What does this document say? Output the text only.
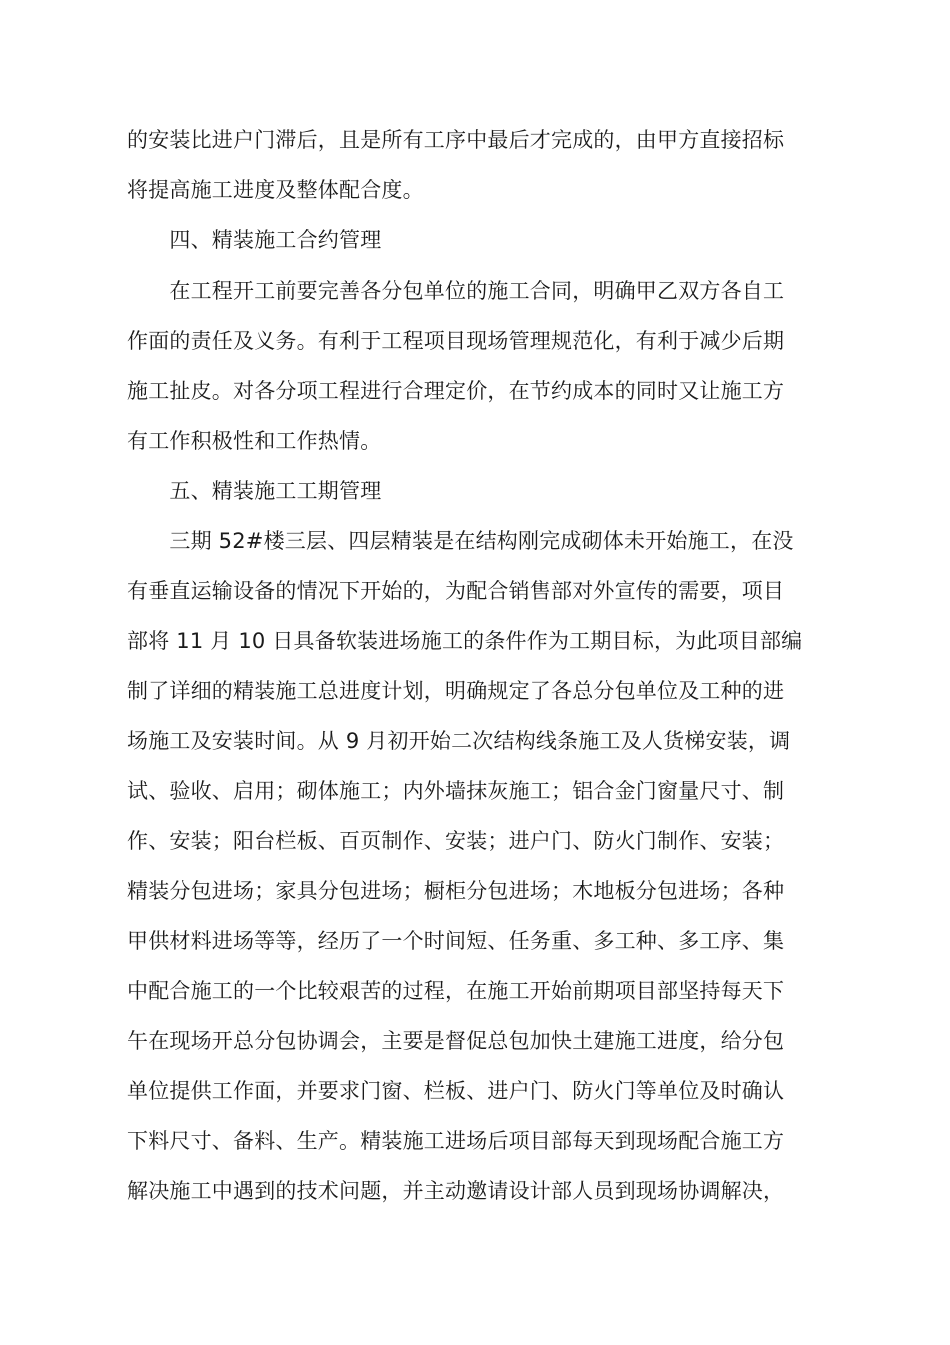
的安装比进户门滞后，且是所有工序中最后才完成的，由甲方直接招标
将提高施工进度及整体配合度。
　　四、精装施工合约管理
　　在工程开工前要完善各分包单位的施工合同，明确甲乙双方各自工
作面的责任及义务。有利于工程项目现场管理规范化，有利于减少后期
施工扯皮。对各分项工程进行合理定价，在节约成本的同时又让施工方
有工作积极性和工作热情。
　　五、精装施工工期管理
　　三期 52#楼三层、四层精装是在结构刚完成砌体未开始施工，在没
有垂直运输设备的情况下开始的，为配合销售部对外宣传的需要，项目
部将 11 月 10 日具备软装进场施工的条件作为工期目标，为此项目部编
制了详细的精装施工总进度计划，明确规定了各总分包单位及工种的进
场施工及安装时间。从 9 月初开始二次结构线条施工及人货梯安装，调
试、验收、启用；砌体施工；内外墙抹灰施工；铝合金门窗量尺寸、制
作、安装；阳台栏板、百页制作、安装；进户门、防火门制作、安装；
精装分包进场；家具分包进场；橱柜分包进场；木地板分包进场；各种
甲供材料进场等等，经历了一个时间短、任务重、多工种、多工序、集
中配合施工的一个比较艰苦的过程，在施工开始前期项目部坚持每天下
午在现场开总分包协调会，主要是督促总包加快土建施工进度，给分包
单位提供工作面，并要求门窗、栏板、进户门、防火门等单位及时确认
下料尺寸、备料、生产。精装施工进场后项目部每天到现场配合施工方
解决施工中遇到的技术问题，并主动邀请设计部人员到现场协调解决，
